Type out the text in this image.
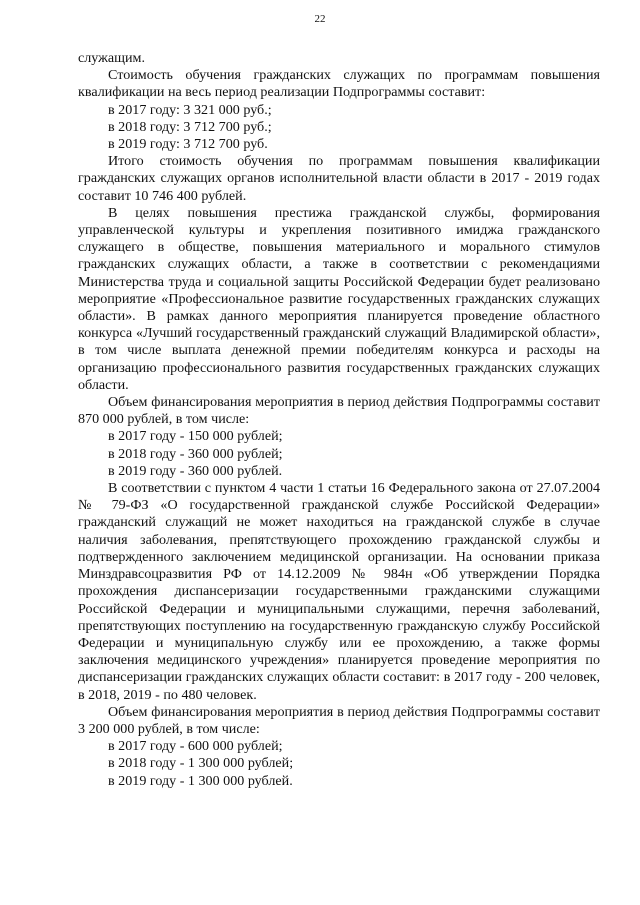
22

служащим.

Стоимость обучения гражданских служащих по программам повышения квалификации на весь период реализации Подпрограммы составит:

в 2017 году: 3 321 000 руб.;

в 2018 году: 3 712 700 руб.;

в 2019 году: 3 712 700 руб.

Итого стоимость обучения по программам повышения квалификации гражданских служащих органов исполнительной власти области в 2017 - 2019 годах составит 10 746 400 рублей.

В целях повышения престижа гражданской службы, формирования управленческой культуры и укрепления позитивного имиджа гражданского служащего в обществе, повышения материального и морального стимулов гражданских служащих области, а также в соответствии с рекомендациями Министерства труда и социальной защиты Российской Федерации будет реализовано мероприятие «Профессиональное развитие государственных гражданских служащих области». В рамках данного мероприятия планируется проведение областного конкурса «Лучший государственный гражданский служащий Владимирской области», в том числе выплата денежной премии победителям конкурса и расходы на организацию профессионального развития государственных гражданских служащих области.

Объем финансирования мероприятия в период действия Подпрограммы составит 870 000 рублей, в том числе:

в 2017 году - 150 000 рублей;

в 2018 году - 360 000 рублей;

в 2019 году - 360 000 рублей.

В соответствии с пунктом 4 части 1 статьи 16 Федерального закона от 27.07.2004 № 79-ФЗ «О государственной гражданской службе Российской Федерации» гражданский служащий не может находиться на гражданской службе в случае наличия заболевания, препятствующего прохождению гражданской службы и подтвержденного заключением медицинской организации. На основании приказа Минздравсоцразвития РФ от 14.12.2009 № 984н «Об утверждении Порядка прохождения диспансеризации государственными гражданскими служащими Российской Федерации и муниципальными служащими, перечня заболеваний, препятствующих поступлению на государственную гражданскую службу Российской Федерации и муниципальную службу или ее прохождению, а также формы заключения медицинского учреждения» планируется проведение мероприятия по диспансеризации гражданских служащих области составит: в 2017 году - 200 человек, в 2018, 2019 - по 480 человек.

Объем финансирования мероприятия в период действия Подпрограммы составит 3 200 000 рублей, в том числе:

в 2017 году - 600 000 рублей;

в 2018 году - 1 300 000 рублей;

в 2019 году - 1 300 000 рублей.
